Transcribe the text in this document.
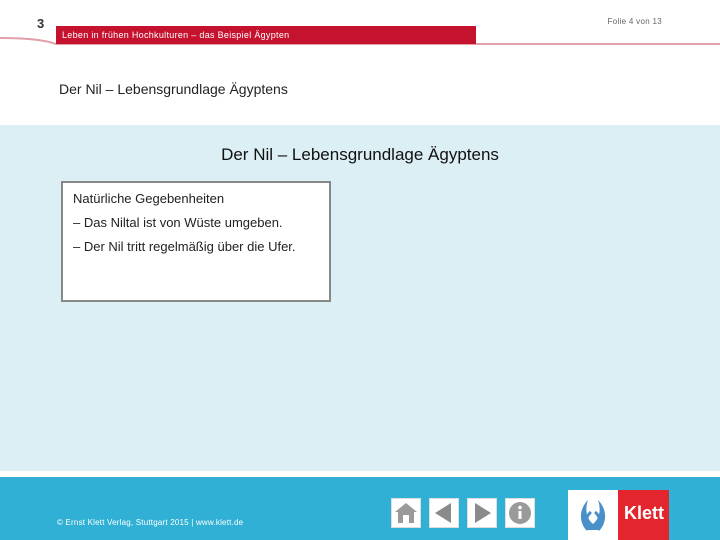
3	Folie 4 von 13
Leben in frühen Hochkulturen – das Beispiel Ägypten
Der Nil – Lebensgrundlage Ägyptens
Der Nil – Lebensgrundlage Ägyptens
Natürliche Gegebenheiten
– Das Niltal ist von Wüste umgeben.
– Der Nil tritt regelmäßig über die Ufer.
© Ernst Klett Verlag, Stuttgart 2015 | www.klett.de	Klett
